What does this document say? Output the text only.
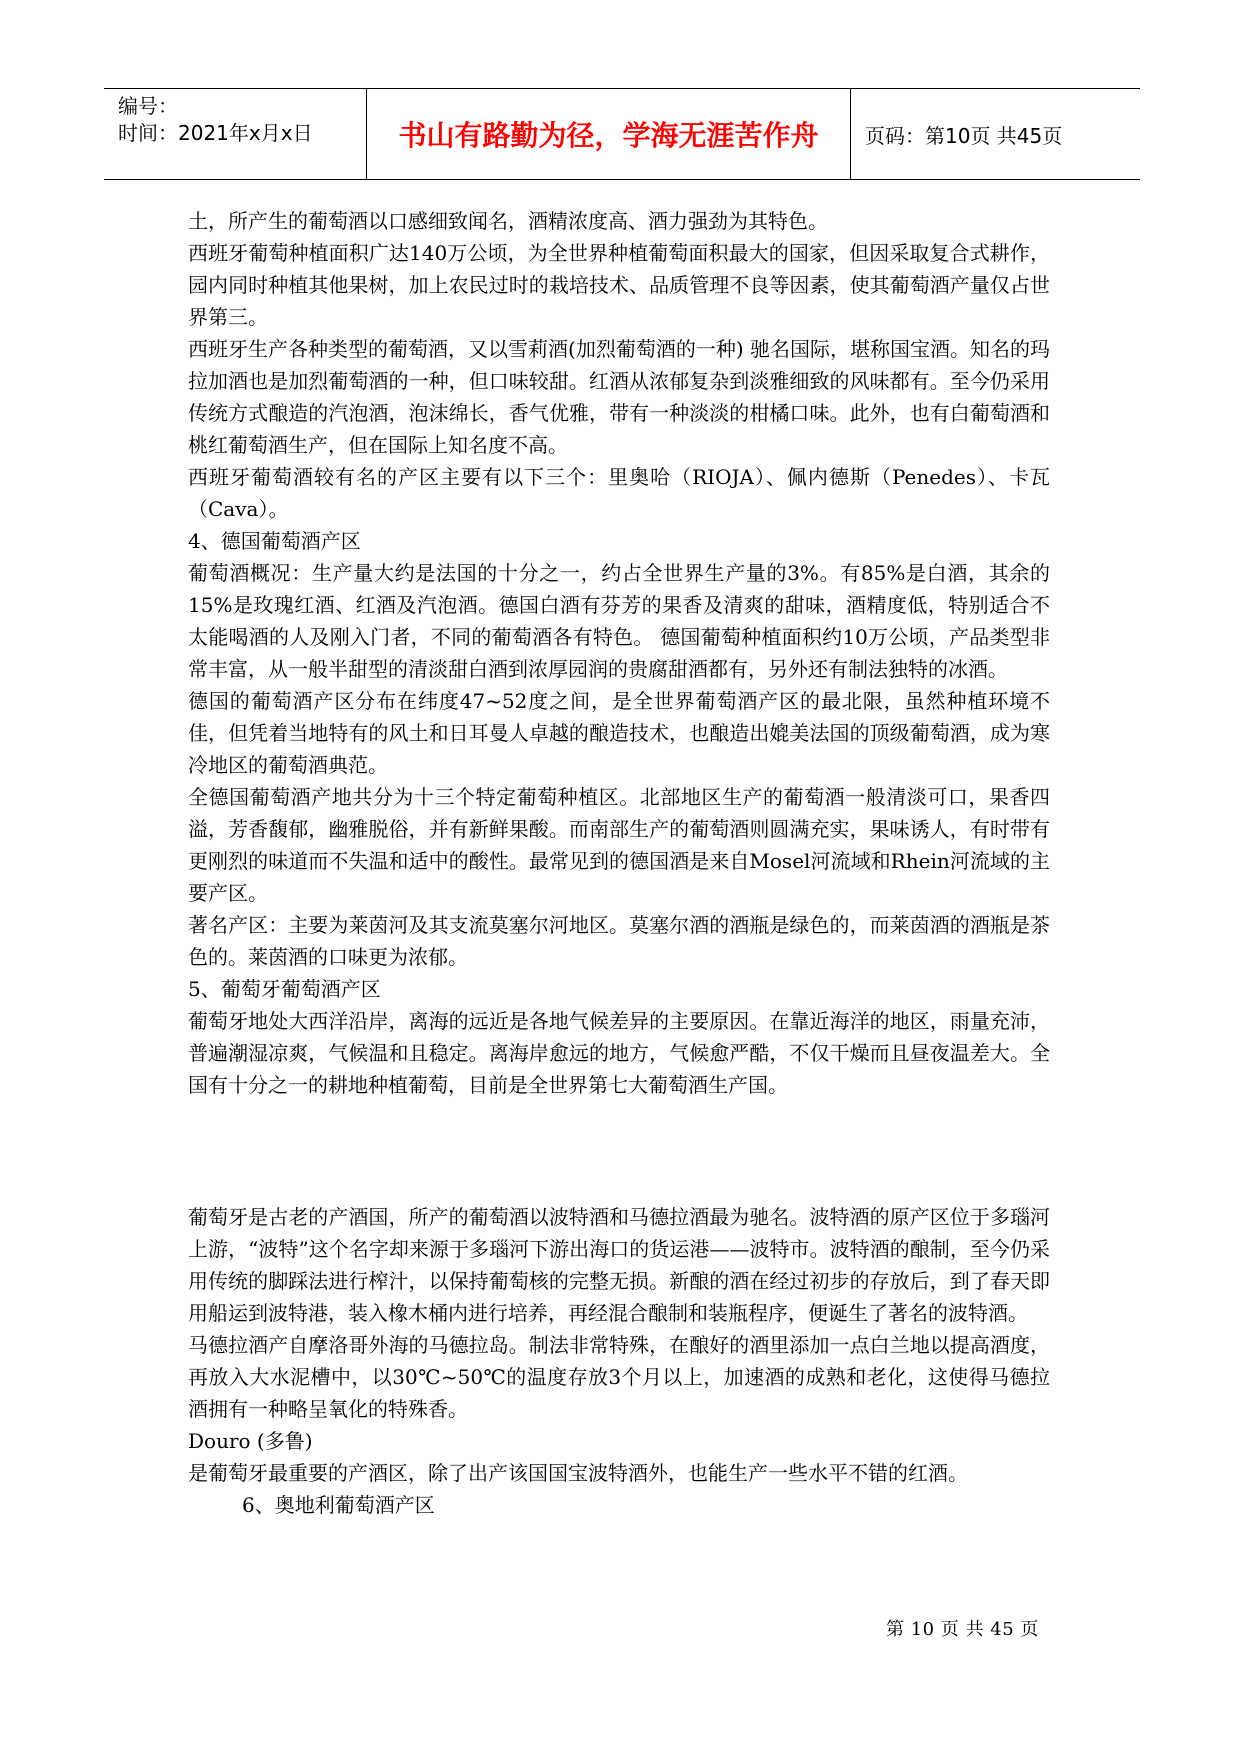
编号：
时间：2021年x月x日	书山有路勤为径，学海无涯苦作舟	页码：第10页 共45页

土，所产生的葡萄酒以口感细致闻名，酒精浓度高、酒力强劲为其特色。

西班牙葡萄种植面积广达140万公顷，为全世界种植葡萄面积最大的国家，但因采取复合式耕作，园内同时种植其他果树，加上农民过时的栽培技术、品质管理不良等因素，使其葡萄酒产量仅占世界第三。

西班牙生产各种类型的葡萄酒，又以雪莉酒(加烈葡萄酒的一种) 驰名国际，堪称国宝酒。知名的玛拉加酒也是加烈葡萄酒的一种，但口味较甜。红酒从浓郁复杂到淡雅细致的风味都有。至今仍采用传统方式酿造的汽泡酒，泡沫绵长，香气优雅，带有一种淡淡的柑橘口味。此外，也有白葡萄酒和桃红葡萄酒生产，但在国际上知名度不高。

西班牙葡萄酒较有名的产区主要有以下三个：里奥哈（RIOJA）、佩内德斯（Penedes）、卡瓦（Cava）。

4、德国葡萄酒产区

葡萄酒概况：生产量大约是法国的十分之一，约占全世界生产量的3%。有85%是白酒，其余的15%是玫瑰红酒、红酒及汽泡酒。德国白酒有芬芳的果香及清爽的甜味，酒精度低，特别适合不太能喝酒的人及刚入门者，不同的葡萄酒各有特色。 德国葡萄种植面积约10万公顷，产品类型非常丰富，从一般半甜型的清淡甜白酒到浓厚园润的贵腐甜酒都有，另外还有制法独特的冰酒。

德国的葡萄酒产区分布在纬度47~52度之间，是全世界葡萄酒产区的最北限，虽然种植环境不佳，但凭着当地特有的风土和日耳曼人卓越的酿造技术，也酿造出媲美法国的顶级葡萄酒，成为寒冷地区的葡萄酒典范。

全德国葡萄酒产地共分为十三个特定葡萄种植区。北部地区生产的葡萄酒一般清淡可口，果香四溢，芳香馥郁，幽雅脱俗，并有新鲜果酸。而南部生产的葡萄酒则圆满充实，果味诱人，有时带有更刚烈的味道而不失温和适中的酸性。最常见到的德国酒是来自Mosel河流域和Rhein河流域的主要产区。

著名产区：主要为莱茵河及其支流莫塞尔河地区。莫塞尔酒的酒瓶是绿色的，而莱茵酒的酒瓶是茶色的。莱茵酒的口味更为浓郁。

5、葡萄牙葡萄酒产区

葡萄牙地处大西洋沿岸，离海的远近是各地气候差异的主要原因。在靠近海洋的地区，雨量充沛，普遍潮湿凉爽，气候温和且稳定。离海岸愈远的地方，气候愈严酷，不仅干燥而且昼夜温差大。全国有十分之一的耕地种植葡萄，目前是全世界第七大葡萄酒生产国。

葡萄牙是古老的产酒国，所产的葡萄酒以波特酒和马德拉酒最为驰名。波特酒的原产区位于多瑙河上游，“波特”这个名字却来源于多瑙河下游出海口的货运港——波特市。波特酒的酿制，至今仍采用传统的脚踩法进行榨汁，以保持葡萄核的完整无损。新酿的酒在经过初步的存放后，到了春天即用船运到波特港，装入橡木桶内进行培养，再经混合酿制和装瓶程序，便诞生了著名的波特酒。

马德拉酒产自摩洛哥外海的马德拉岛。制法非常特殊，在酿好的酒里添加一点白兰地以提高酒度，再放入大水泥槽中，以30℃~50℃的温度存放3个月以上，加速酒的成熟和老化，这使得马德拉酒拥有一种略呈氧化的特殊香。

Douro (多鲁)

是葡萄牙最重要的产酒区，除了出产该国国宝波特酒外，也能生产一些水平不错的红酒。

6、奥地利葡萄酒产区

第 10 页 共 45 页
